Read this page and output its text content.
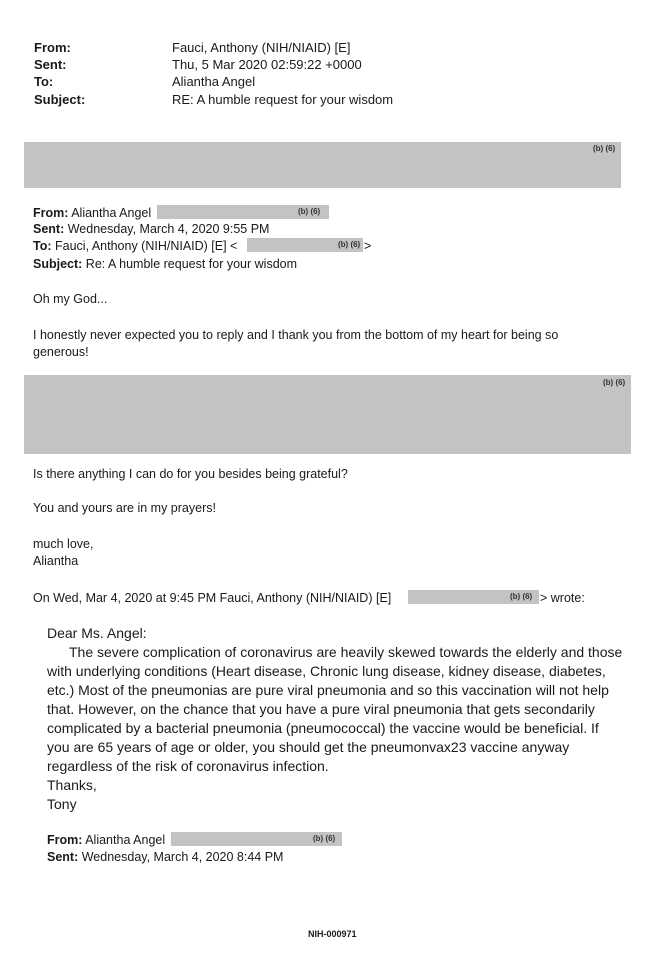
From:	Fauci, Anthony (NIH/NIAID) [E]
Sent:	Thu, 5 Mar 2020 02:59:22 +0000
To:	Aliantha Angel
Subject:	RE: A humble request for your wisdom
(b) (6)
From: Aliantha Angel	(b) (6)
Sent: Wednesday, March 4, 2020 9:55 PM
To: Fauci, Anthony (NIH/NIAID) [E] <	(b) (6) >
Subject: Re: A humble request for your wisdom
Oh my God...
I honestly never expected you to reply and I thank you from the bottom of my heart for being so
generous!
(b) (6)
Is there anything I can do for you besides being grateful?
You and yours are in my prayers!
much love,
Aliantha
On Wed, Mar 4, 2020 at 9:45 PM Fauci, Anthony (NIH/NIAID) [E]	(b) (6) > wrote:
Dear Ms. Angel:
The severe complication of coronavirus are heavily skewed towards the elderly and those
with underlying conditions (Heart disease, Chronic lung disease, kidney disease, diabetes,
etc.) Most of the pneumonias are pure viral pneumonia and so this vaccination will not help
that. However, on the chance that you have a pure viral pneumonia that gets secondarily
complicated by a bacterial pneumonia (pneumococcal) the vaccine would be beneficial. If
you are 65 years of age or older, you should get the pneumonvax23 vaccine anyway
regardless of the risk of coronavirus infection.
Thanks,
Tony
From: Aliantha Angel	(b) (6)
Sent: Wednesday, March 4, 2020 8:44 PM
NIH-000971
